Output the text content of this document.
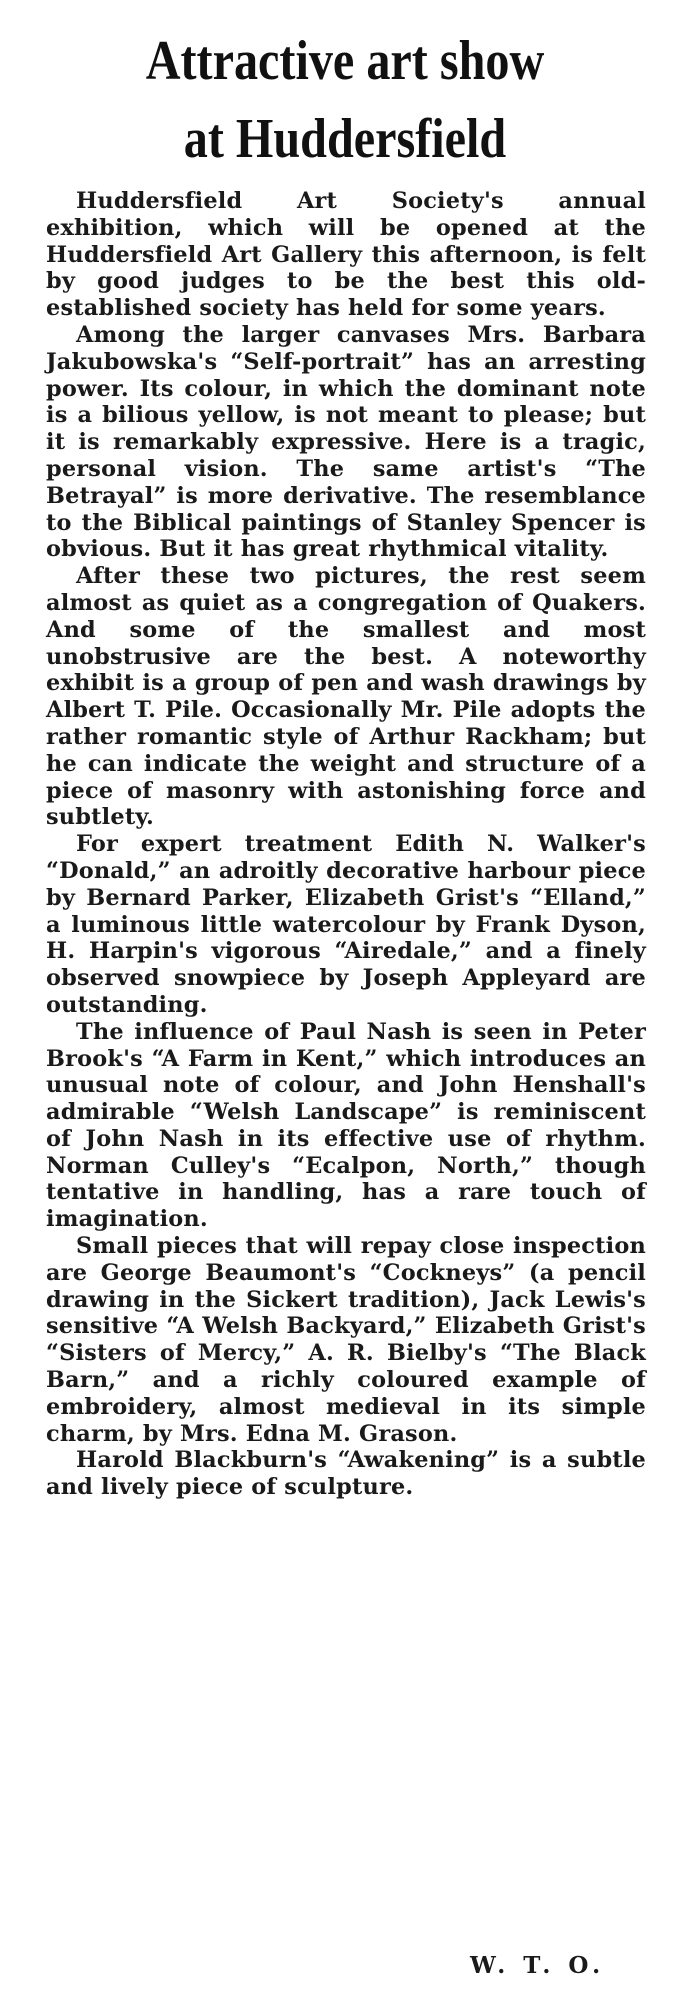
Attractive art show
at Huddersfield

Huddersfield Art Society's annual exhibition, which will be opened at the Huddersfield Art Gallery this afternoon, is felt by good judges to be the best this old-established society has held for some years.

Among the larger canvases Mrs. Barbara Jakubowska's “Self-portrait” has an arresting power. Its colour, in which the dominant note is a bilious yellow, is not meant to please; but it is remarkably expressive. Here is a tragic, personal vision. The same artist's “The Betrayal” is more derivative. The resemblance to the Biblical paintings of Stanley Spencer is obvious. But it has great rhythmical vitality.

After these two pictures, the rest seem almost as quiet as a congregation of Quakers. And some of the smallest and most unobstrusive are the best. A noteworthy exhibit is a group of pen and wash drawings by Albert T. Pile. Occasionally Mr. Pile adopts the rather romantic style of Arthur Rackham; but he can indicate the weight and structure of a piece of masonry with astonishing force and subtlety.

For expert treatment Edith N. Walker's “Donald,” an adroitly decorative harbour piece by Bernard Parker, Elizabeth Grist's “Elland,” a luminous little watercolour by Frank Dyson, H. Harpin's vigorous “Airedale,” and a finely observed snowpiece by Joseph Appleyard are outstanding.

The influence of Paul Nash is seen in Peter Brook's “A Farm in Kent,” which introduces an unusual note of colour, and John Henshall's admirable “Welsh Landscape” is reminiscent of John Nash in its effective use of rhythm. Norman Culley's “Ecalpon, North,” though tentative in handling, has a rare touch of imagination.

Small pieces that will repay close inspection are George Beaumont's “Cockneys” (a pencil drawing in the Sickert tradition), Jack Lewis's sensitive “A Welsh Backyard,” Elizabeth Grist's “Sisters of Mercy,” A. R. Bielby's “The Black Barn,” and a richly coloured example of embroidery, almost medieval in its simple charm, by Mrs. Edna M. Grason.

Harold Blackburn's “Awakening” is a subtle and lively piece of sculpture.

W. T. O.
